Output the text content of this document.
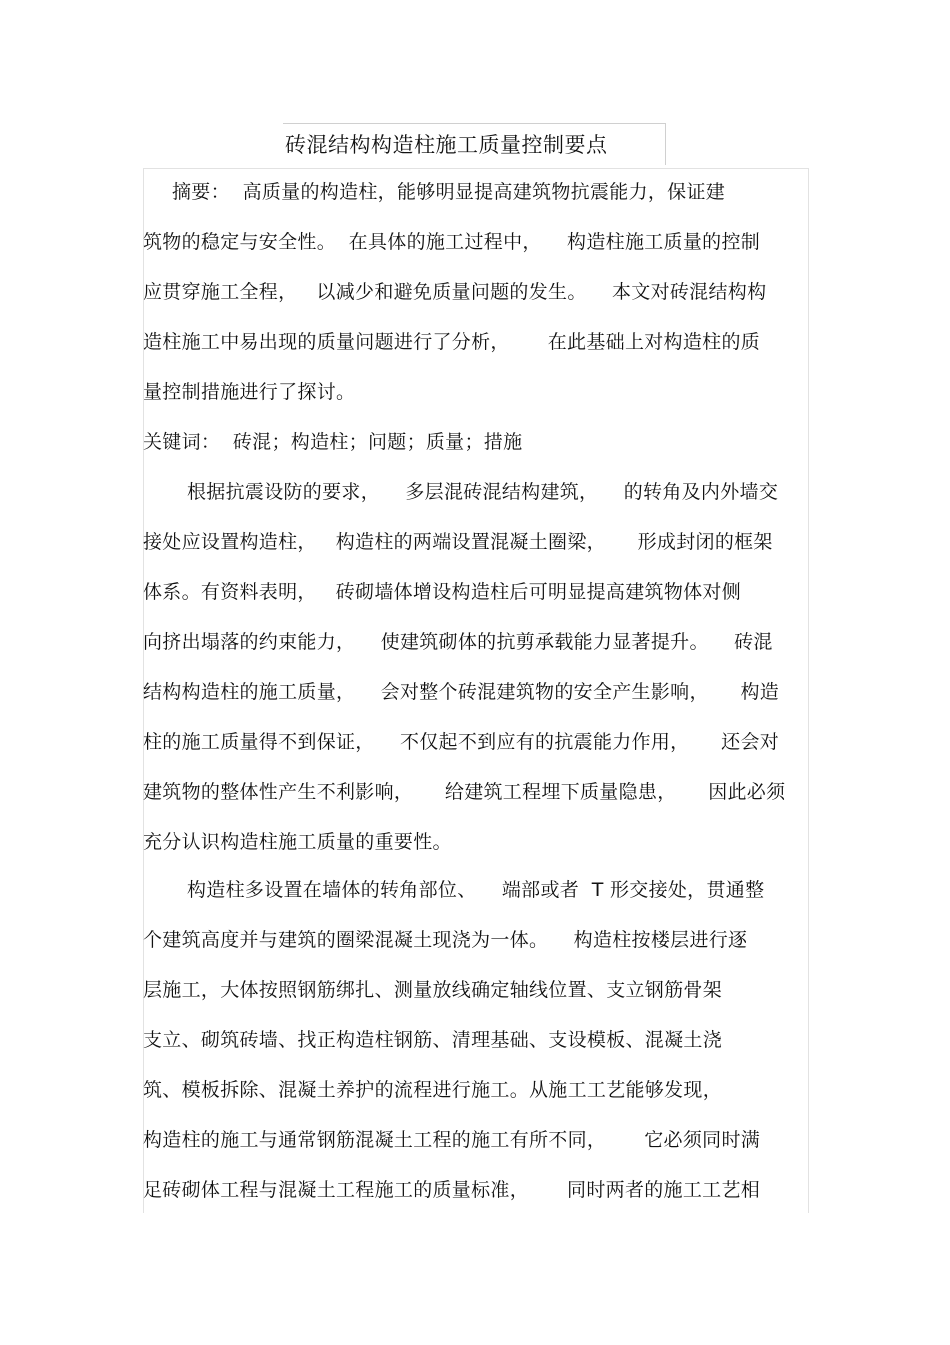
砖混结构构造柱施工质量控制要点
摘要：  高质量的构造柱，能够明显提高建筑物抗震能力，保证建
筑物的稳定与安全性。  在具体的施工过程中，    构造柱施工质量的控制
应贯穿施工全程，   以减少和避免质量问题的发生。    本文对砖混结构构
造柱施工中易出现的质量问题进行了分析，      在此基础上对构造柱的质
量控制措施进行了探讨。
关键词：  砖混；构造柱；问题；质量；措施
根据抗震设防的要求，    多层混砖混结构建筑，    的转角及内外墙交
接处应设置构造柱，   构造柱的两端设置混凝土圈梁，     形成封闭的框架
体系。有资料表明，   砖砌墙体增设构造柱后可明显提高建筑物体对侧
向挤出塌落的约束能力，    使建筑砌体的抗剪承载能力显著提升。    砖混
结构构造柱的施工质量，    会对整个砖混建筑物的安全产生影响，     构造
柱的施工质量得不到保证，    不仅起不到应有的抗震能力作用，     还会对
建筑物的整体性产生不利影响，     给建筑工程埋下质量隐患，     因此必须
充分认识构造柱施工质量的重要性。
构造柱多设置在墙体的转角部位、    端部或者  T 形交接处，贯通整
个建筑高度并与建筑的圈梁混凝土现浇为一体。    构造柱按楼层进行逐
层施工，大体按照钢筋绑扎、测量放线确定轴线位置、支立钢筋骨架
支立、砌筑砖墙、找正构造柱钢筋、清理基础、支设模板、混凝土浇
筑、模板拆除、混凝土养护的流程进行施工。从施工工艺能够发现，
构造柱的施工与通常钢筋混凝土工程的施工有所不同，      它必须同时满
足砖砌体工程与混凝土工程施工的质量标准，      同时两者的施工工艺相
